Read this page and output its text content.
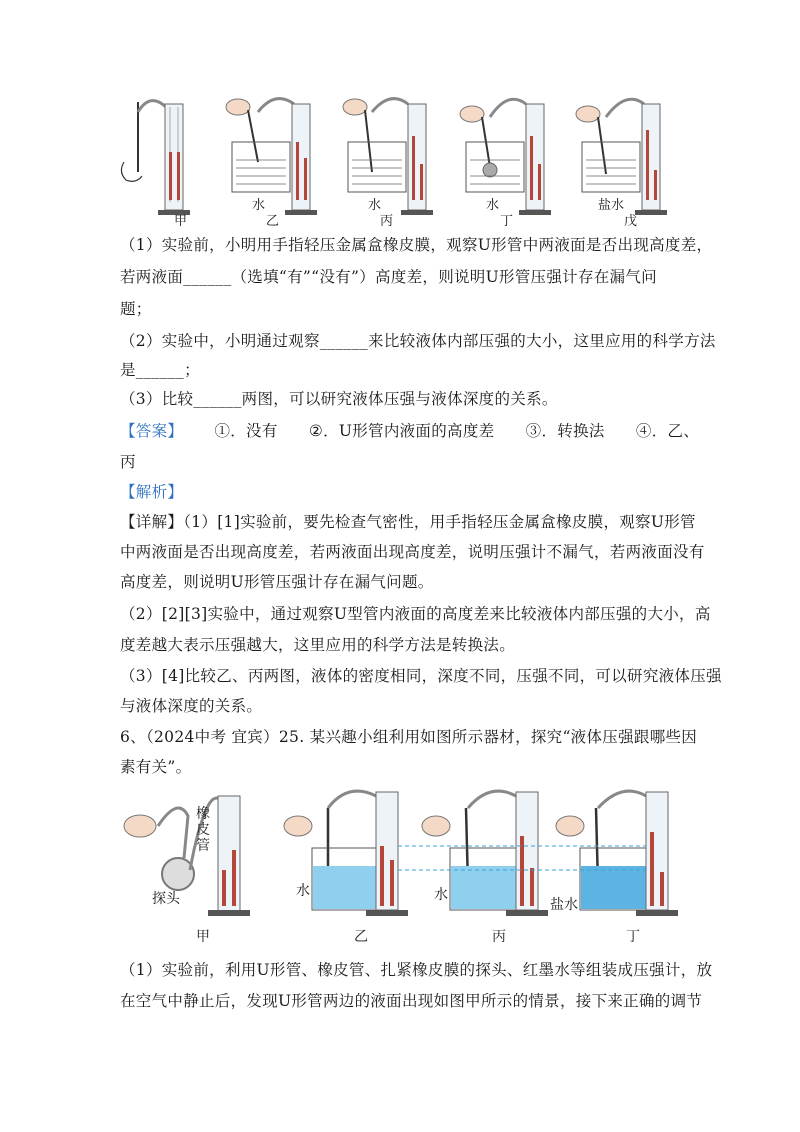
水	水	水	盐水
甲	乙	丙	丁	戊
（1）实验前，小明用手指轻压金属盒橡皮膜，观察U形管中两液面是否出现高度差，
若两液面______（选填“有”“没有”）高度差，则说明U形管压强计存在漏气问
题；
（2）实验中，小明通过观察______来比较液体内部压强的大小，这里应用的科学方法
是______；
（3）比较______两图，可以研究液体压强与液体深度的关系。
【答案】 ①．没有 ②．U形管内液面的高度差 ③．转换法 ④．乙、
丙
【解析】
【详解】（1）[1]实验前，要先检查气密性，用手指轻压金属盒橡皮膜，观察U形管
中两液面是否出现高度差，若两液面出现高度差，说明压强计不漏气，若两液面没有
高度差，则说明U形管压强计存在漏气问题。
（2）[2][3]实验中，通过观察U型管内液面的高度差来比较液体内部压强的大小，高
度差越大表示压强越大，这里应用的科学方法是转换法。
（3）[4]比较乙、丙两图，液体的密度相同，深度不同，压强不同，可以研究液体压强
与液体深度的关系。
6、（2024中考 宜宾）25. 某兴趣小组利用如图所示器材，探究“液体压强跟哪些因
素有关”。
橡皮管
探头	水	水
盐水
甲	乙	丙	丁
（1）实验前，利用U形管、橡皮管、扎紧橡皮膜的探头、红墨水等组装成压强计，放
在空气中静止后，发现U形管两边的液面出现如图甲所示的情景，接下来正确的调节
